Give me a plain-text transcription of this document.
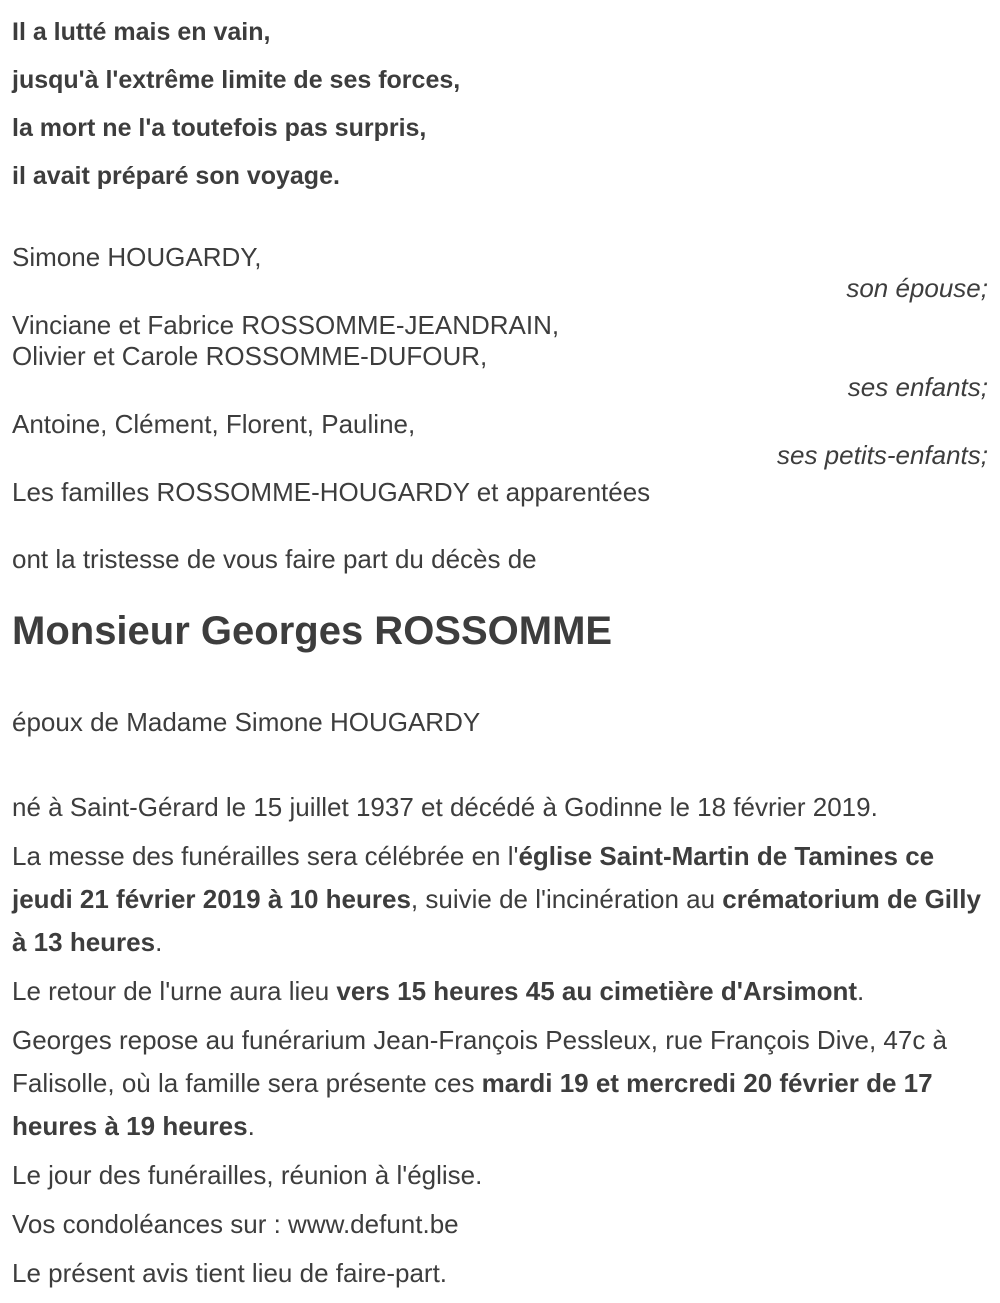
Il a lutté mais en vain,
jusqu'à l'extrême limite de ses forces,
la mort ne l'a toutefois pas surpris,
il avait préparé son voyage.
Simone HOUGARDY,
son épouse;
Vinciane et Fabrice ROSSOMME-JEANDRAIN,
Olivier et Carole ROSSOMME-DUFOUR,
ses enfants;
Antoine, Clément, Florent, Pauline,
ses petits-enfants;
Les familles ROSSOMME-HOUGARDY et apparentées
ont la tristesse de vous faire part du décès de
Monsieur Georges ROSSOMME
époux de Madame Simone HOUGARDY

né à Saint-Gérard le 15 juillet 1937 et décédé à Godinne le 18 février 2019.

La messe des funérailles sera célébrée en l'église Saint-Martin de Tamines ce jeudi 21 février 2019 à 10 heures, suivie de l'incinération au crématorium de Gilly à 13 heures.

Le retour de l'urne aura lieu vers 15 heures 45 au cimetière d'Arsimont.

Georges repose au funérarium Jean-François Pessleux, rue François Dive, 47c à Falisolle, où la famille sera présente ces mardi 19 et mercredi 20 février de 17 heures à 19 heures.

Le jour des funérailles, réunion à l'église.

Vos condoléances sur : www.defunt.be

Le présent avis tient lieu de faire-part.
